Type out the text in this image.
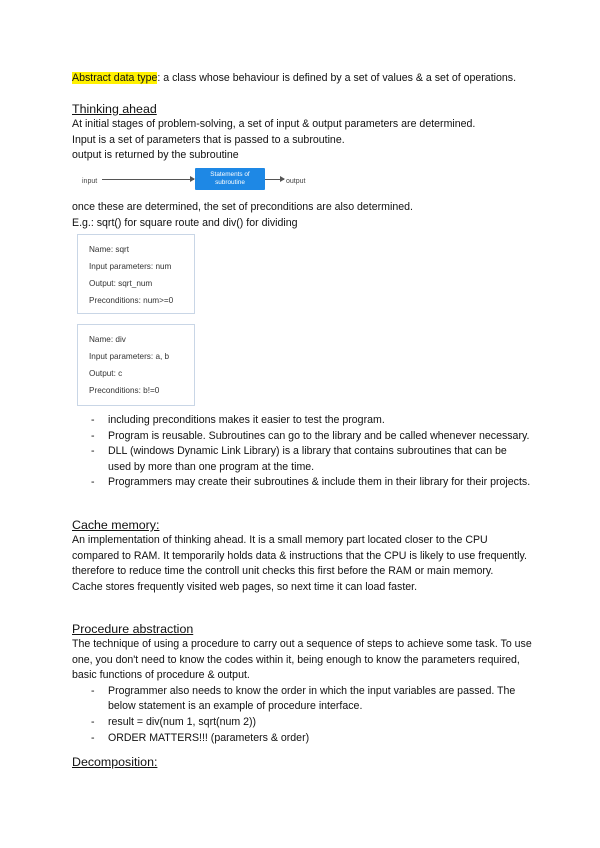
Abstract data type: a class whose behaviour is defined by a set of values & a set of operations.

Thinking ahead

At initial stages of problem-solving, a set of input & output parameters are determined.

Input is a set of parameters that is passed to a subroutine.

output is returned by the subroutine

input
Statements of subroutine	output

once these are determined, the set of preconditions are also determined.

E.g.: sqrt() for square route and div() for dividing

Name: sqrt
Input parameters: num
Output: sqrt_num
Preconditions: num>=0
Name: div
Input parameters: a, b
Output: c
Preconditions: b!=0
- including preconditions makes it easier to test the program.
- Program is reusable. Subroutines can go to the library and be called whenever necessary.
- DLL (windows Dynamic Link Library) is a library that contains subroutines that can be used by more than one program at the time.
- Programmers may create their subroutines & include them in their library for their projects.

Cache memory:

An implementation of thinking ahead. It is a small memory part located closer to the CPU compared to RAM. It temporarily holds data & instructions that the CPU is likely to use frequently. therefore to reduce time the controll unit checks this first before the RAM or main memory.

Cache stores frequently visited web pages, so next time it can load faster.

Procedure abstraction

The technique of using a procedure to carry out a sequence of steps to achieve some task. To use one, you don't need to know the codes within it, being enough to know the parameters required, basic functions of procedure & output.

- Programmer also needs to know the order in which the input variables are passed. The below statement is an example of procedure interface.
- result = div(num 1, sqrt(num 2))
- ORDER MATTERS!!! (parameters & order)

Decomposition:
